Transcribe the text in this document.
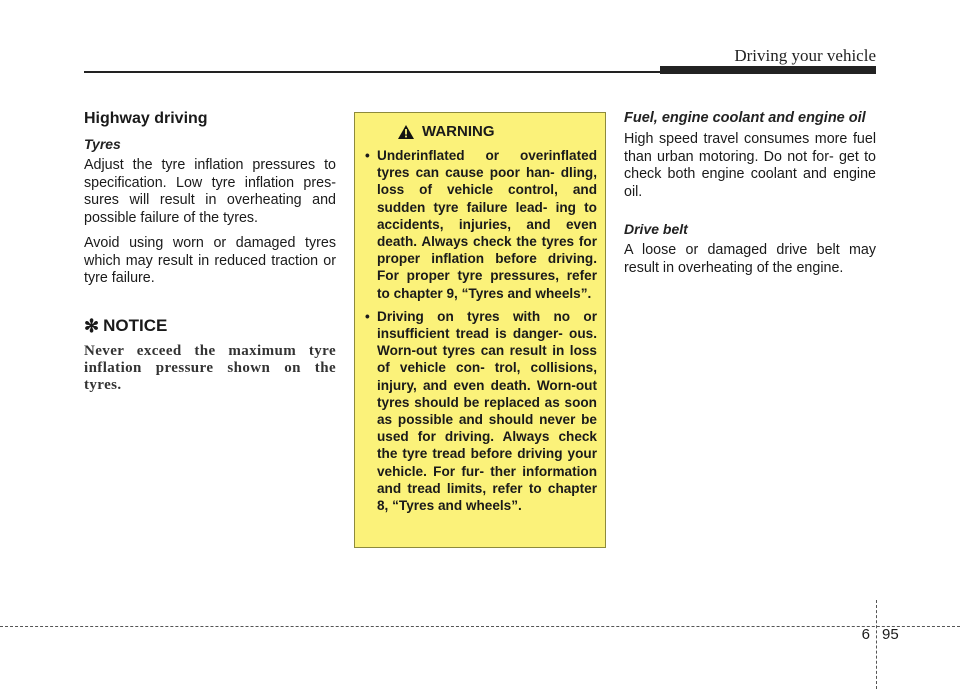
Driving your vehicle
Highway driving
Tyres

Adjust the tyre inflation pressures to specification. Low tyre inflation pres- sures will result in overheating and possible failure of the tyres.

Avoid using worn or damaged tyres which may result in reduced traction or tyre failure.

✻ NOTICE

Never exceed the maximum tyre inflation pressure shown on the tyres.

WARNING
• Underinflated or overinflated tyres can cause poor han- dling, loss of vehicle control, and sudden tyre failure lead- ing to accidents, injuries, and even death. Always check the tyres for proper inflation before driving. For proper tyre pressures, refer to chapter 9, “Tyres and wheels”.
• Driving on tyres with no or insufficient tread is danger- ous. Worn-out tyres can result in loss of vehicle con- trol, collisions, injury, and even death. Worn-out tyres should be replaced as soon as possible and should never be used for driving. Always check the tyre tread before driving your vehicle. For fur- ther information and tread limits, refer to chapter 8, “Tyres and wheels”.
Fuel, engine coolant and engine oil

High speed travel consumes more fuel than urban motoring. Do not for- get to check both engine coolant and engine oil.

Drive belt

A loose or damaged drive belt may result in overheating of the engine.

6 95
